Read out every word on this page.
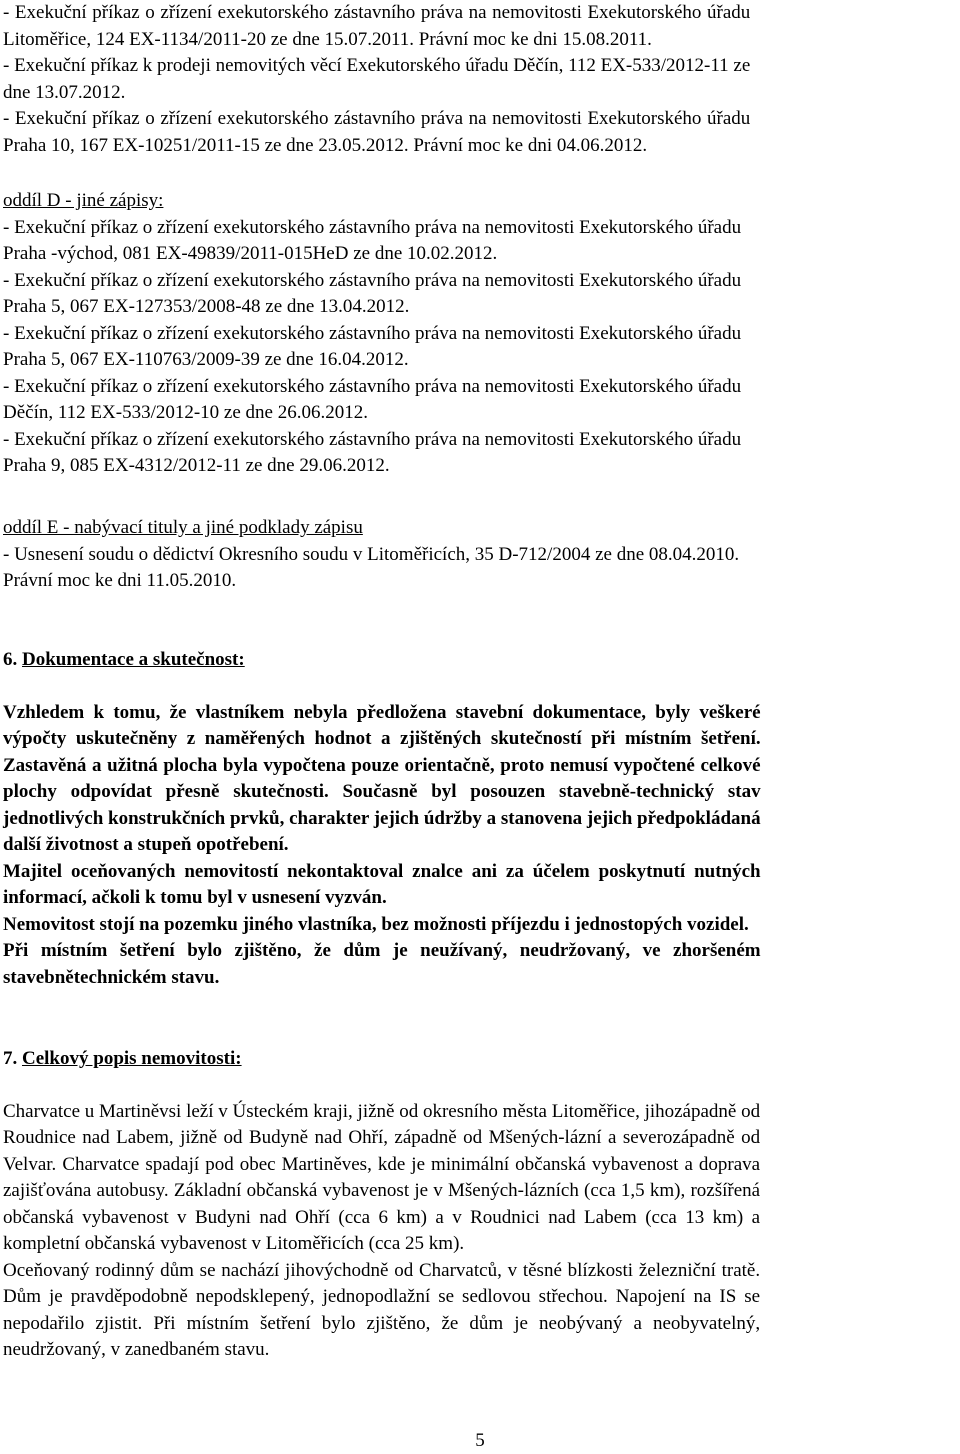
- Exekuční příkaz o zřízení exekutorského zástavního práva na nemovitosti Exekutorského úřadu
Litoměřice, 124 EX-1134/2011-20 ze dne 15.07.2011. Právní moc ke dni 15.08.2011.
- Exekuční příkaz k prodeji nemovitých věcí Exekutorského úřadu Děčín, 112 EX-533/2012-11 ze
dne 13.07.2012.
- Exekuční příkaz o zřízení exekutorského zástavního práva na nemovitosti Exekutorského úřadu
Praha 10, 167 EX-10251/2011-15 ze dne 23.05.2012. Právní moc ke dni 04.06.2012.
oddíl D - jiné zápisy:
- Exekuční příkaz o zřízení exekutorského zástavního práva na nemovitosti Exekutorského úřadu
Praha -východ, 081 EX-49839/2011-015HeD ze dne 10.02.2012.
- Exekuční příkaz o zřízení exekutorského zástavního práva na nemovitosti Exekutorského úřadu
Praha 5, 067 EX-127353/2008-48 ze dne 13.04.2012.
- Exekuční příkaz o zřízení exekutorského zástavního práva na nemovitosti Exekutorského úřadu
Praha 5, 067 EX-110763/2009-39 ze dne 16.04.2012.
- Exekuční příkaz o zřízení exekutorského zástavního práva na nemovitosti Exekutorského úřadu
Děčín, 112 EX-533/2012-10 ze dne 26.06.2012.
- Exekuční příkaz o zřízení exekutorského zástavního práva na nemovitosti Exekutorského úřadu
Praha 9, 085 EX-4312/2012-11 ze dne 29.06.2012.
oddíl E - nabývací tituly a jiné podklady zápisu
- Usnesení soudu o dědictví Okresního soudu v Litoměřicích, 35 D-712/2004 ze dne 08.04.2010.
Právní moc ke dni 11.05.2010.
6. Dokumentace a skutečnost:
Vzhledem k tomu, že vlastníkem nebyla předložena stavební dokumentace, byly veškeré
výpočty uskutečněny z naměřených hodnot a zjištěných skutečností při místním šetření.
Zastavěná a užitná plocha byla vypočtena pouze orientačně, proto nemusí vypočtené celkové
plochy odpovídat přesně skutečnosti. Současně byl posouzen stavebně-technický stav
jednotlivých konstrukčních prvků, charakter jejich údržby a stanovena jejich předpokládaná
další životnost a stupeň opotřebení.
Majitel oceňovaných nemovitostí nekontaktoval znalce ani za účelem poskytnutí nutných
informací, ačkoli k tomu byl v usnesení vyzván.
Nemovitost stojí na pozemku jiného vlastníka, bez možnosti příjezdu i jednostopých vozidel.
Při místním šetření bylo zjištěno, že dům je neužívaný, neudržovaný, ve zhoršeném
stavebnětechnickém stavu.
7. Celkový popis nemovitosti:
Charvatce u Martiněvsi leží v Ústeckém kraji, jižně od okresního města Litoměřice, jihozápadně od
Roudnice nad Labem, jižně od Budyně nad Ohří, západně od Mšených-lázní a severozápadně od
Velvar. Charvatce spadají pod obec Martiněves, kde je minimální občanská vybavenost a doprava
zajišťována autobusy. Základní občanská vybavenost je v Mšených-lázních (cca 1,5 km), rozšířená
občanská vybavenost v Budyni nad Ohří (cca 6 km) a v Roudnici nad Labem (cca 13 km) a
kompletní občanská vybavenost v Litoměřicích (cca 25 km).
Oceňovaný rodinný dům se nachází jihovýchodně od Charvatců, v těsné blízkosti železniční tratě.
Dům je pravděpodobně nepodsklepený, jednopodlažní se sedlovou střechou. Napojení na IS se
nepodařilo zjistit. Při místním šetření bylo zjištěno, že dům je neobývaný a neobyvatelný,
neudržovaný, v zanedbaném stavu.
5
